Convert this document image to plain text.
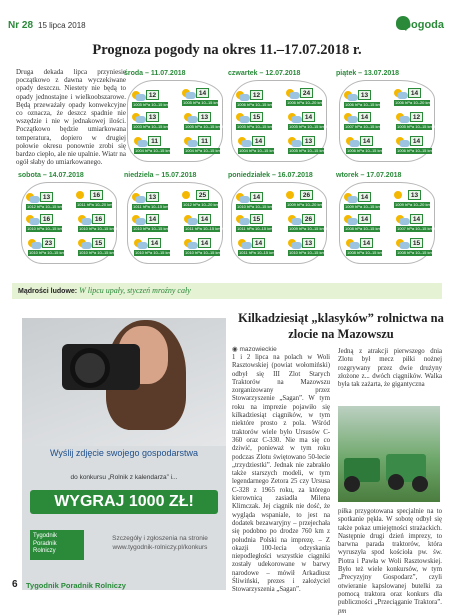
Nr 28 15 lipca 2018	pogoda
Prognoza pogody na okres 11.–17.07.2018 r.
Druga dekada lipca przyniesie początkowo z dawna wyczekiwane opady deszczu. Niestety nie będą to opady jednostajne i wielkoobszarowe. Będą przeważały opady konwekcyjne co oznacza, że deszcz spadnie nie wszędzie i nie w jednakowej ilości. Początkowo będzie umiarkowana temperatura, dopiero w drugiej połowie okresu ponownie zrobi się bardzo ciepło, ale nie upalnie. Wiatr na ogół słaby do umiarkowanego.
środa – 11.07.2018
12
1005 hPa 10–15 km/h
14
1005 hPa 10–15 km/h
13
1003 hPa 10–15 km/h
13
1005 hPa 10–15 km/h
11
1004 hPa 10–15 km/h
11
1004 hPa 10–15 km/h
czwartek – 12.07.2018
12
1006 hPa 10–15 km/h
24
1006 hPa 10–20 km/h
15
1005 hPa 10–15 km/h
14
1005 hPa 10–15 km/h
14
1004 hPa 10–15 km/h
13
1005 hPa 10–15 km/h
piątek – 13.07.2018
13
1006 hPa 10–15 km/h
14
1006 hPa 10–20 km/h
14
1007 hPa 10–15 km/h
12
1005 hPa 10–15 km/h
14
1006 hPa 10–15 km/h
14
1006 hPa 10–15 km/h
sobota – 14.07.2018
13
1012 hPa 10–15 km/h
16
1011 hPa 10–20 km/h
16
1010 hPa 10–15 km/h
16
1010 hPa 10–15 km/h
23
1010 hPa 10–15 km/h
15
1010 hPa 10–15 km/h
niedziela – 15.07.2018
13
1011 hPa 10–15 km/h
25
1012 hPa 10–20 km/h
14
1010 hPa 10–15 km/h
14
1011 hPa 10–15 km/h
14
1010 hPa 10–15 km/h
14
1010 hPa 10–15 km/h
poniedziałek – 16.07.2018
14
1010 hPa 10–15 km/h
26
1009 hPa 10–20 km/h
15
1011 hPa 10–15 km/h
26
1009 hPa 10–15 km/h
14
1011 hPa 10–15 km/h
13
1010 hPa 10–15 km/h
wtorek – 17.07.2018
14
1009 hPa 10–15 km/h
13
1009 hPa 10–20 km/h
14
1008 hPa 10–15 km/h
14
1007 hPa 10–15 km/h
14
1008 hPa 10–15 km/h
15
1008 hPa 10–15 km/h
Mądrości ludowe: W lipcu upały, styczeń mroźny cały
Wyślij zdjęcie swojego gospodarstwa
do konkursu „Rolnik z kalendarza” i...
WYGRAJ 1000 ZŁ!
Tygodnik Poradnik Rolniczy
Szczegóły i zgłoszenia na stronie www.tygodnik-rolniczy.pl/konkurs
Kilkadziesiąt „klasyków” rolnictwa na zlocie na Mazowszu
◉ mazowieckie
1 i 2 lipca na polach w Woli Rasztowskiej (powiat wołomiński) odbył się III Zlot Starych Traktorów na Mazowszu zorganizowany przez Stowarzyszenie „Sagan”. W tym roku na imprezie pojawiło się kilkadziesiąt ciągników, w tym niektóre prosto z pola. Wśród traktorów wiele było Ursusów C-360 oraz C-330. Nie ma się co dziwić, ponieważ w tym roku podczas Zlotu świętowano 50-lecie „trzydziestki”. Jednak nie zabrakło także starszych modeli, w tym legendarnego Zetora 25 czy Ursusa C-328 z 1965 roku, za którego kierownicą zasiadła Milena Klimczak. Jej ciągnik nie dość, że wygląda wspaniale, to jest na dodatek bezawaryjny – przejechała się podobno po drodze 760 km z południa Polski na imprezę. – Z okazji 100-lecia odzyskania niepodległości wszystkie ciągniki zostały udekorowane w barwy narodowe – mówił Arkadiusz Śliwiński, prezes i założyciel Stowarzyszenia „Sagan”.
Jedną z atrakcji pierwszego dnia Zlotu był mecz piłki nożnej rozgrywany przez dwie drużyny złożone z... dwóch ciągników. Walka była tak zażarta, że gigantyczna
piłka przygotowana specjalnie na to spotkanie pękła. W sobotę odbył się także pokaz umiejętności strażackich. Następnie drugi dzień imprezy, to barwna parada traktorów, która wyruszyła spod kościoła pw. św. Piotra i Pawła w Woli Rasztowskiej. Było też wiele konkursów, w tym „Precyzyjny Gospodarz”, czyli otwieranie kapslowanej butelki za pomocą traktora oraz konkurs dla publiczności „Przeciąganie Traktora”. pm
6 Tygodnik Poradnik Rolniczy
